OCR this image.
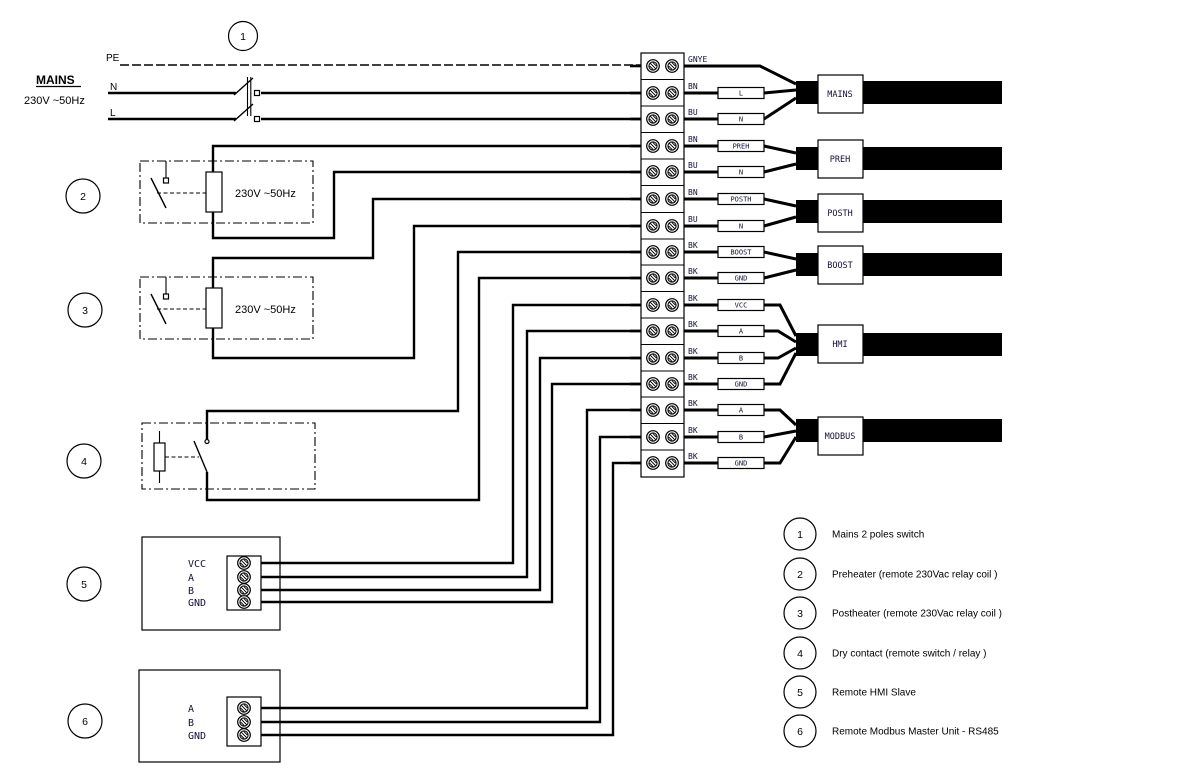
MAINS
230V ~50Hz
PE
N
L
1
2	230V ~50Hz
3	230V ~50Hz
4
5
VCC
A
B
GND
6
A
B
GND
GNYE
BN
L
BU
N
BN
PREH
BU
N
BN
POSTH
BU
N
BK
BOOST
BK
GND
BK
VCC
BK
A
BK
B
BK
GND
BK
A
BK
B
BK
GND
MAINS
PREH
POSTH
BOOST
HMI
MODBUS
1	Mains 2 poles switch
2	Preheater (remote 230Vac relay coil )
3	Postheater (remote 230Vac relay coil )
4	Dry contact (remote switch / relay )
5	Remote HMI Slave
6	Remote Modbus Master Unit - RS485
